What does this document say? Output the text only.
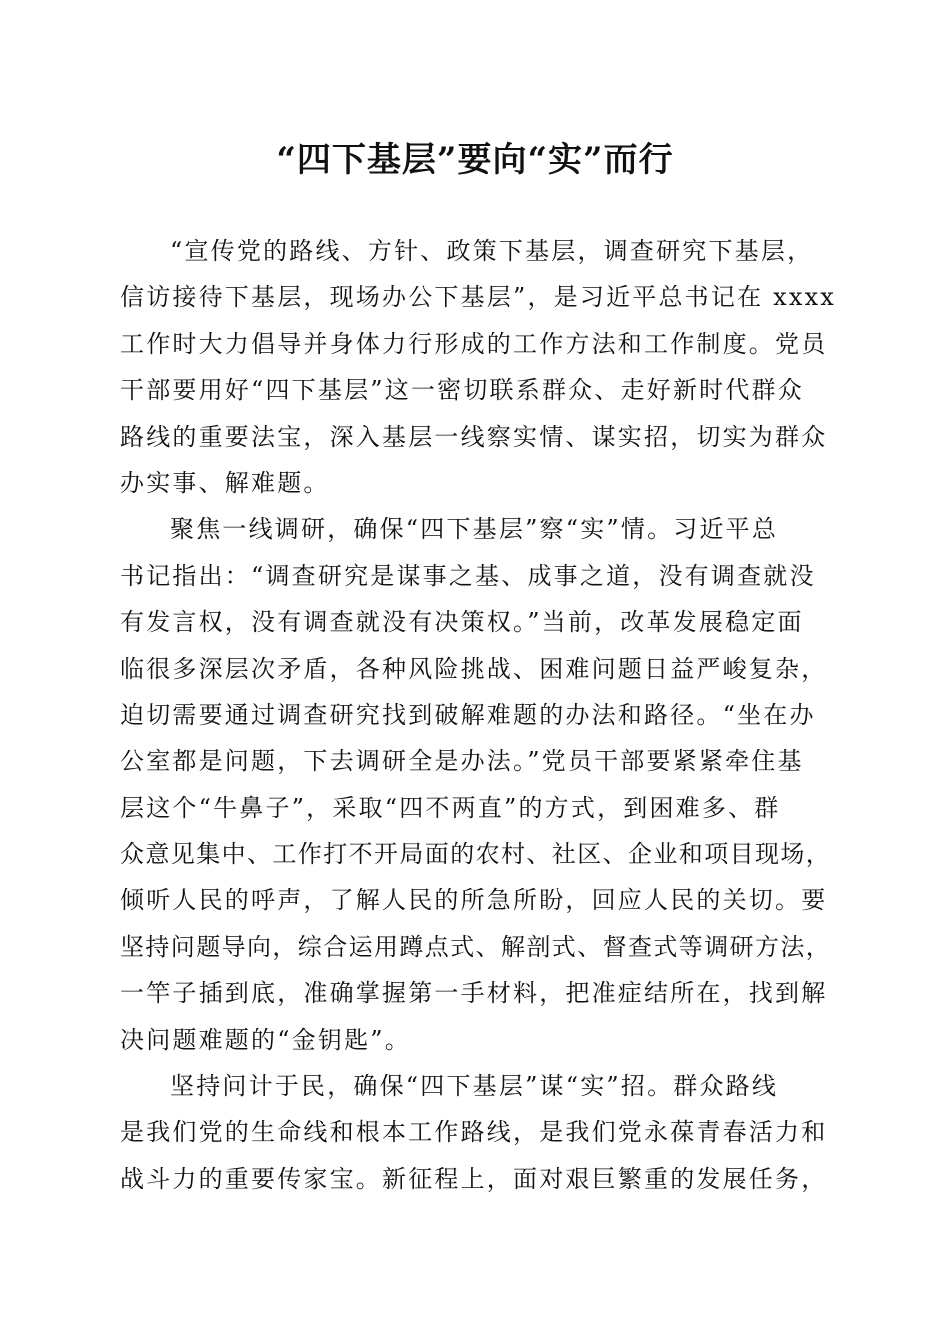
“四下基层”要向“实”而行
“宣传党的路线、方针、政策下基层，调查研究下基层，
信访接待下基层，现场办公下基层”，是习近平总书记在 xxxx
工作时大力倡导并身体力行形成的工作方法和工作制度。党员
干部要用好“四下基层”这一密切联系群众、走好新时代群众
路线的重要法宝，深入基层一线察实情、谋实招，切实为群众
办实事、解难题。
聚焦一线调研，确保“四下基层”察“实”情。习近平总
书记指出：“调查研究是谋事之基、成事之道，没有调查就没
有发言权，没有调查就没有决策权。”当前，改革发展稳定面
临很多深层次矛盾，各种风险挑战、困难问题日益严峻复杂，
迫切需要通过调查研究找到破解难题的办法和路径。“坐在办
公室都是问题，下去调研全是办法。”党员干部要紧紧牵住基
层这个“牛鼻子”，采取“四不两直”的方式，到困难多、群
众意见集中、工作打不开局面的农村、社区、企业和项目现场，
倾听人民的呼声，了解人民的所急所盼，回应人民的关切。要
坚持问题导向，综合运用蹲点式、解剖式、督查式等调研方法，
一竿子插到底，准确掌握第一手材料，把准症结所在，找到解
决问题难题的“金钥匙”。
坚持问计于民，确保“四下基层”谋“实”招。群众路线
是我们党的生命线和根本工作路线，是我们党永葆青春活力和
战斗力的重要传家宝。新征程上，面对艰巨繁重的发展任务，
